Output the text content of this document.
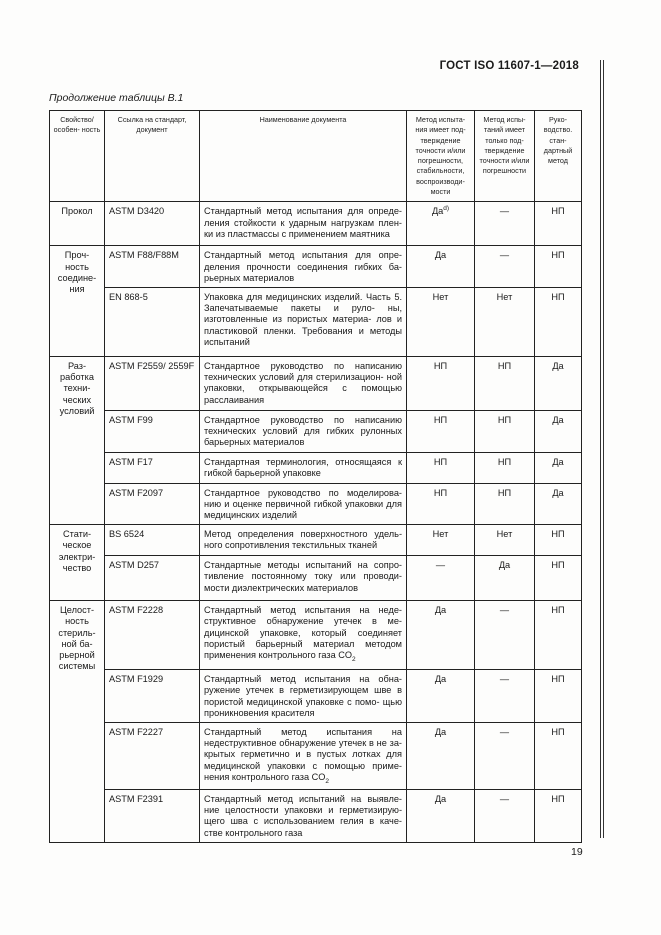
ГОСТ ISO 11607-1—2018
Продолжение таблицы В.1
Свойство/ особен- ность	Ссылка на стандарт, документ	Наименование документа	Метод испыта- ния имеет под- тверждение точности и/или погрешности, стабильности, воспроизводи- мости	Метод испы- таний имеет только под- тверждение точности и/или погрешности	Руко- водство. стан- дартный метод
Прокол	ASTM D3420	Стандартный метод испытания для опреде- ления стойкости к ударным нагрузкам плен- ки из пластмассы с применением маятника	$Да^{d)}$	—	НП
Проч- ность соедине- ния	ASTM F88/F88M	Стандартный метод испытания для опре- деления прочности соединения гибких ба- рьерных материалов	Да	—	НП
	EN 868-5	Упаковка для медицинских изделий. Часть 5. Запечатываемые пакеты и руло- ны, изготовленные из пористых материа- лов и пластиковой пленки. Требования и методы испытаний	Нет	Нет	НП
Раз- работка техни- ческих условий	ASTM F2559/ 2559F	Стандартное руководство по написанию технических условий для стерилизацион- ной упаковки, открывающейся с помощью расслаивания	НП	НП	Да
	ASTM F99	Стандартное руководство по написанию технических условий для гибких рулонных барьерных материалов	НП	НП	Да
	ASTM F17	Стандартная терминология, относящаяся к гибкой барьерной упаковке	НП	НП	Да
	ASTM F2097	Стандартное руководство по моделирова- нию и оценке первичной гибкой упаковки для медицинских изделий	НП	НП	Да
Стати- ческое электри- чество	BS 6524	Метод определения поверхностного удель- ного сопротивления текстильных тканей	Нет	Нет	НП
	ASTM D257	Стандартные методы испытаний на сопро- тивление постоянному току или проводи- мости диэлектрических материалов	—	Да	НП
Целост- ность стериль- ной ба- рьерной системы	ASTM F2228	Стандартный метод испытания на неде- структивное обнаружение утечек в ме- дицинской упаковке, который соединяет пористый барьерный материал методом применения контрольного газа $CO_2$	Да	—	НП
	ASTM F1929	Стандартный метод испытания на обна- ружение утечек в герметизирующем шве в пористой медицинской упаковке с помо- щью проникновения красителя	Да	—	НП
	ASTM F2227	Стандартный метод испытания на недеструктивное обнаружение утечек в не за- крытых герметично и в пустых лотках для медицинской упаковки с помощью приме- нения контрольного газа $CO_2$	Да	—	НП
	ASTM F2391	Стандартный метод испытаний на выявле- ние целостности упаковки и герметизирую- щего шва с использованием гелия в каче- стве контрольного газа	Да	—	НП
19
